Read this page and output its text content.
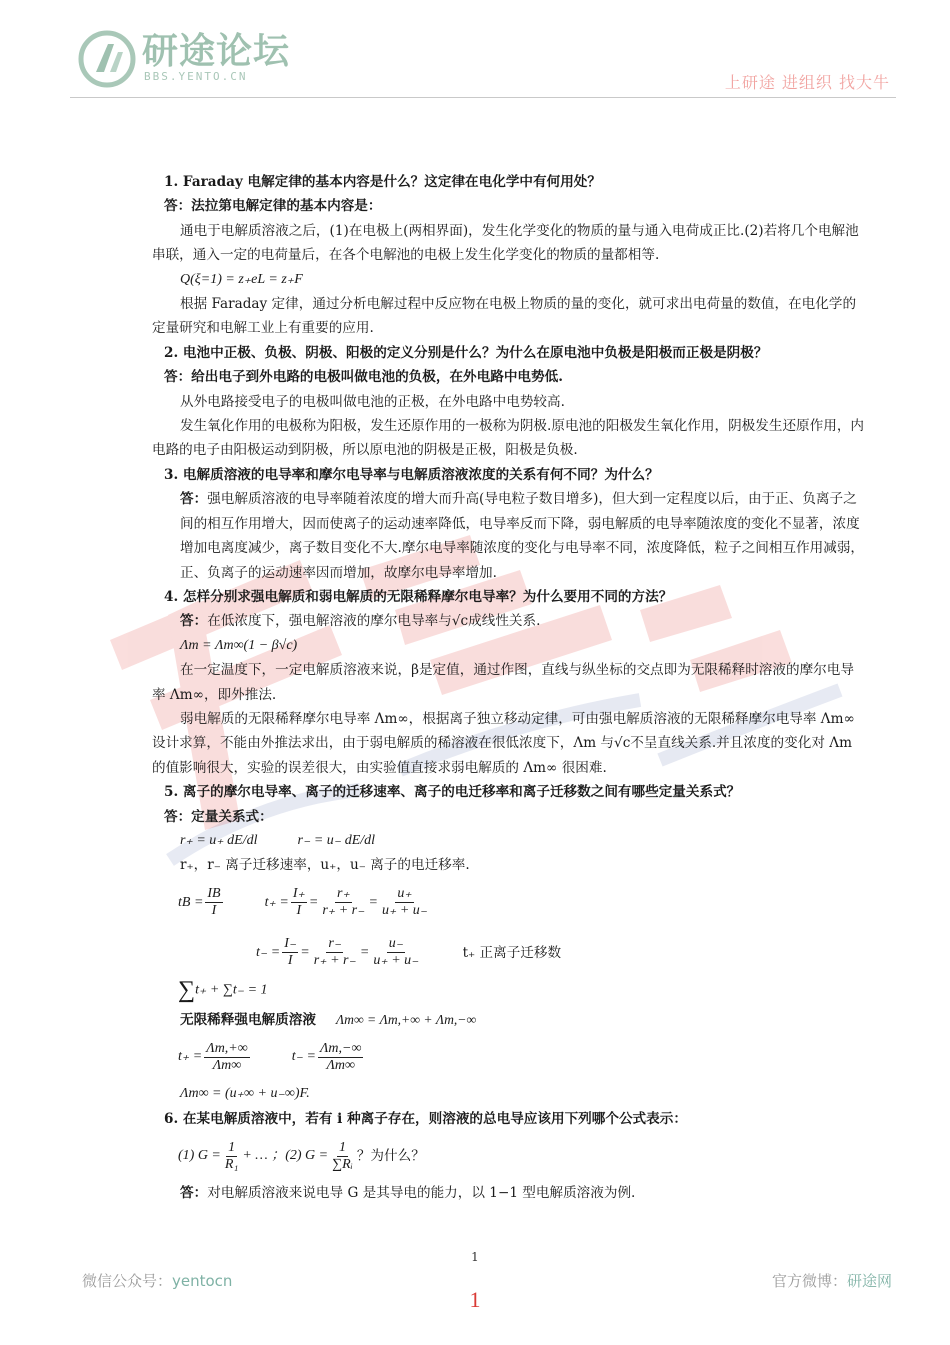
研途论坛
BBS.YENTO.CN	上研途 进组织 找大牛

1. Faraday 电解定律的基本内容是什么？这定律在电化学中有何用处？

答：法拉第电解定律的基本内容是：

通电于电解质溶液之后，(1)在电极上(两相界面)，发生化学变化的物质的量与通入电荷成正比.(2)若将几个电解池串联，通入一定的电荷量后，在各个电解池的电极上发生化学变化的物质的量都相等.

Q(ξ=1) = z₊eL = z₊F

根据 Faraday 定律，通过分析电解过程中反应物在电极上物质的量的变化，就可求出电荷量的数值，在电化学的定量研究和电解工业上有重要的应用.

2. 电池中正极、负极、阴极、阳极的定义分别是什么？为什么在原电池中负极是阳极而正极是阴极？

答：给出电子到外电路的电极叫做电池的负极，在外电路中电势低.

从外电路接受电子的电极叫做电池的正极，在外电路中电势较高.

发生氧化作用的电极称为阳极，发生还原作用的一极称为阴极.原电池的阳极发生氧化作用，阴极发生还原作用，内电路的电子由阳极运动到阴极，所以原电池的阴极是正极，阳极是负极.

3. 电解质溶液的电导率和摩尔电导率与电解质溶液浓度的关系有何不同？为什么？

答：强电解质溶液的电导率随着浓度的增大而升高(导电粒子数目增多)，但大到一定程度以后，由于正、负离子之间的相互作用增大，因而使离子的运动速率降低，电导率反而下降，弱电解质的电导率随浓度的变化不显著，浓度增加电离度减少，离子数目变化不大.摩尔电导率随浓度的变化与电导率不同，浓度降低，粒子之间相互作用减弱，正、负离子的运动速率因而增加，故摩尔电导率增加.

4. 怎样分别求强电解质和弱电解质的无限稀释摩尔电导率？为什么要用不同的方法？

答：在低浓度下，强电解溶液的摩尔电导率与√c成线性关系.

Λm = Λm∞(1 − β√c)

在一定温度下，一定电解质溶液来说，β是定值，通过作图，直线与纵坐标的交点即为无限稀释时溶液的摩尔电导率 Λm∞，即外推法.

弱电解质的无限稀释摩尔电导率 Λm∞，根据离子独立移动定律，可由强电解质溶液的无限稀释摩尔电导率 Λm∞ 设计求算，不能由外推法求出，由于弱电解质的稀溶液在很低浓度下，Λm 与√c不呈直线关系.并且浓度的变化对 Λm 的值影响很大，实验的误差很大，由实验值直接求弱电解质的 Λm∞ 很困难.

5. 离子的摩尔电导率、离子的迁移速率、离子的电迁移率和离子迁移数之间有哪些定量关系式？

答：定量关系式：

r₊ = u₊ dE/dl	r₋ = u₋ dE/dl

r₊，r₋ 离子迁移速率，u₊，u₋ 离子的电迁移率.

tB = $\frac{IB}{I}$	$t_+ = \frac{I_+}{I} = \frac{r_+}{r_+ + r_-} = \frac{u_+}{u_+ + u_-}$
$t_- = \frac{I_-}{I} = \frac{r_-}{r_+ + r_-} = \frac{u_-}{u_+ + u_-}$	t₊ 正离子迁移数
∑t₊ + ∑t₋ = 1

无限稀释强电解质溶液 Λm∞ = Λm,+∞ + Λm,−∞

$t_+ = \frac{\Lambda m,+\infty}{\Lambda m\infty}$	$t_- = \frac{\Lambda m,-\infty}{\Lambda m\infty}$

Λm∞ = (u₊∞ + u₋∞)F.

6. 在某电解质溶液中，若有 i 种离子存在，则溶液的总电导应该用下列哪个公式表示：

(1) $G = \frac{1}{\text{R₁}}$ + … ；(2) $G = \frac{1}{\text{∑Rᵢ}}$ ？为什么？

答：对电解质溶液来说电导 G 是其导电的能力，以 1−1 型电解质溶液为例.

1
微信公众号：yentocn	官方微博：研途网
1
